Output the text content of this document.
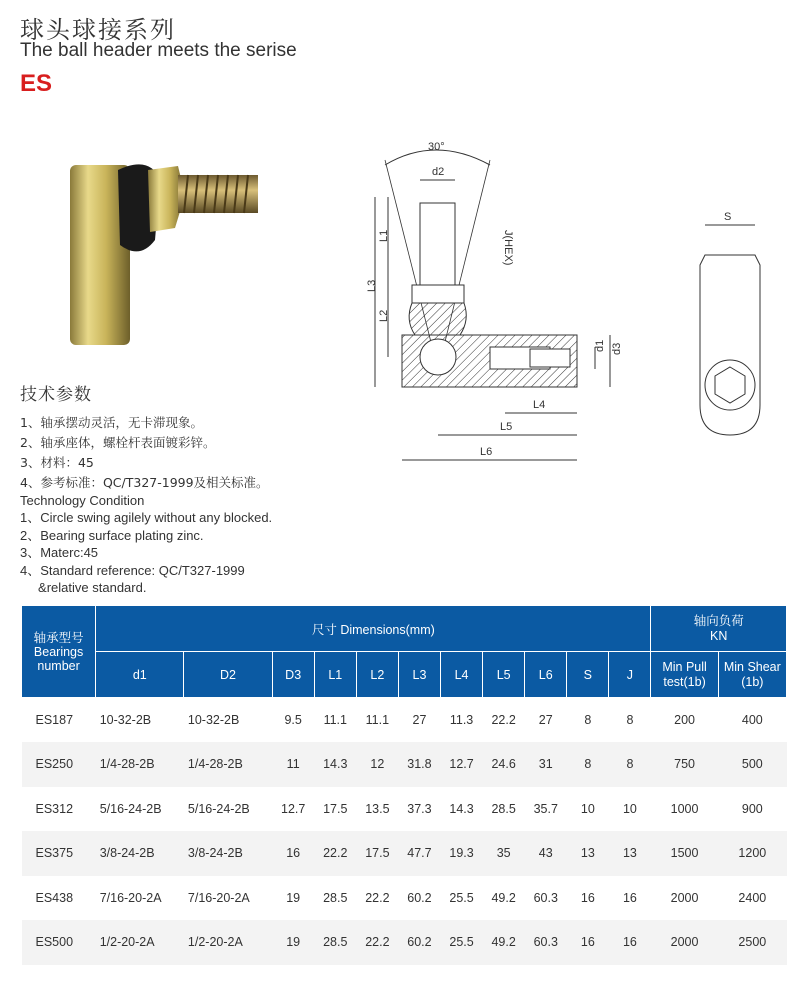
球头球接系列
The ball header meets the serise
ES
30°
d2
J(HEX)
L3
L1
L2
d1 d3
L4
L5
L6
S
技术参数
1、轴承摆动灵活，无卡滞现象。
2、轴承座体，螺栓杆表面镀彩锌。
3、材料：45
4、参考标准：QC/T327-1999及相关标准。
Technology Condition
1、Circle swing agilely without any blocked.
2、Bearing surface plating zinc.
3、Materc:45
4、Standard reference: QC/T327-1999
&relative standard.
轴承型号
Bearings
number	尺寸 Dimensions(mm)											轴向负荷
KN	
	d1	D2	D3	L1	L2	L3	L4	L5	L6	S	J	Min Pull
test(1b)	Min Shear
(1b)
ES187	10-32-2B	10-32-2B	9.5	11.1	11.1	27	11.3	22.2	27	8	8	200	400
ES250	1/4-28-2B	1/4-28-2B	11	14.3	12	31.8	12.7	24.6	31	8	8	750	500
ES312	5/16-24-2B	5/16-24-2B	12.7	17.5	13.5	37.3	14.3	28.5	35.7	10	10	1000	900
ES375	3/8-24-2B	3/8-24-2B	16	22.2	17.5	47.7	19.3	35	43	13	13	1500	1200
ES438	7/16-20-2A	7/16-20-2A	19	28.5	22.2	60.2	25.5	49.2	60.3	16	16	2000	2400
ES500	1/2-20-2A	1/2-20-2A	19	28.5	22.2	60.2	25.5	49.2	60.3	16	16	2000	2500
